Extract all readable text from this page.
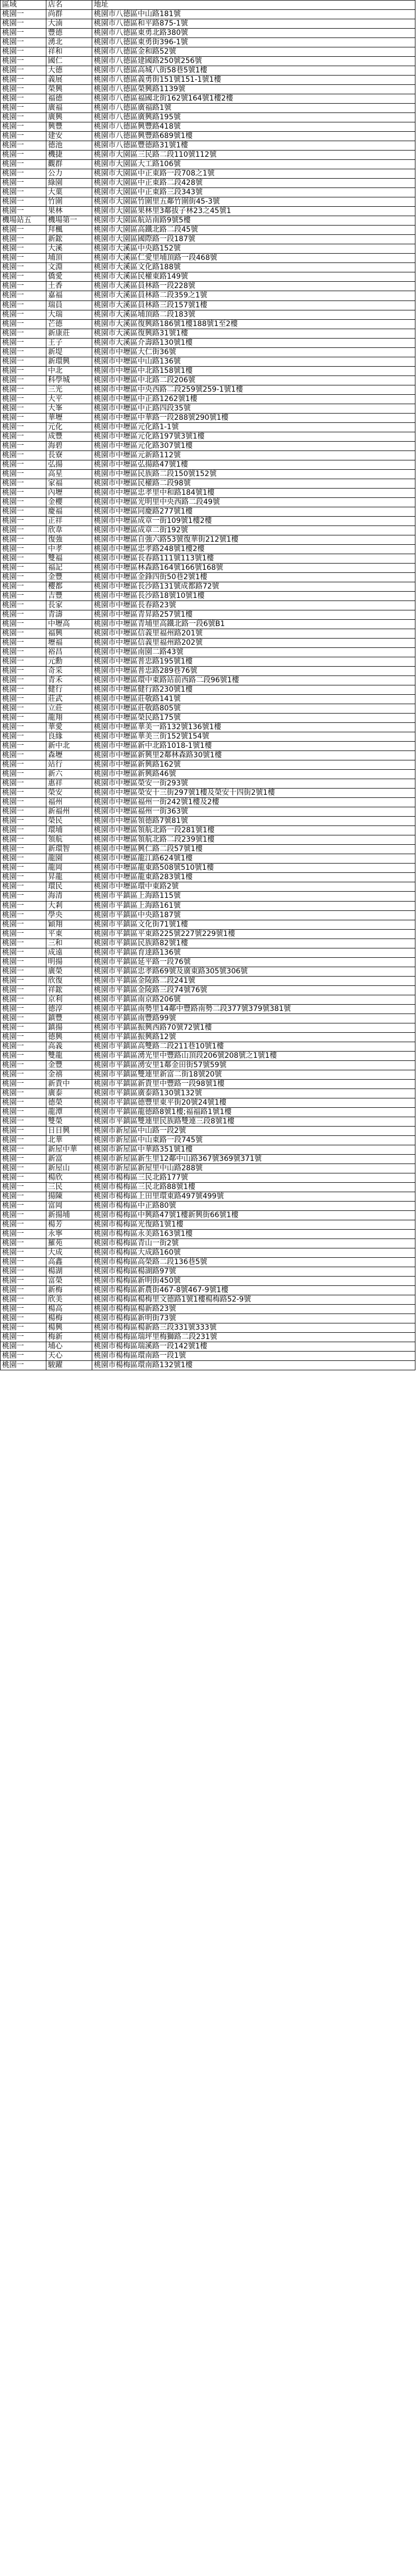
區域	店名	地址
桃園一	尚群	桃園市八德區中山路181號
桃園一	大湳	桃園市八德區和平路875-1號
桃園一	豐德	桃園市八德區東勇北路380號
桃園一	湧北	桃園市八德區東勇街396-1號
桃園一	祥和	桃園市八德區金和路52號
桃園一	國仁	桃園市八德區建國路250號256號
桃園一	大德	桃園市八德區高城八街58巷5號1樓
桃園一	義展	桃園市八德區義勇街151號151-1號1樓
桃園一	榮興	桃園市八德區榮興路1139號
桃園一	福德	桃園市八德區福國北街162號164號1樓2樓
桃園一	廣福	桃園市八德區廣福路1號
桃園一	廣興	桃園市八德區廣興路195號
桃園一	興豐	桃園市八德區興豐路418號
桃園一	建安	桃園市八德區興豐路689號1樓
桃園一	德池	桃園市八德區豐德路31號1樓
桃園一	機捷	桃園市大園區三民路二段110號112號
桃園一	觀群	桃園市大園區大工路106號
桃園一	公力	桃園市大園區中正東路一段708之1號
桃園一	綠園	桃園市大園區中正東路二段428號
桃園一	大菓	桃園市大園區中正東路三段343號
桃園一	竹圍	桃園市大園區竹圍里五鄰竹圍街45-3號
桃園一	果林	桃園市大園區果林里3鄰拔子林23之45號1
機場站五	機場第一	桃園市大園區航站南路9號5樓
桃園一	拜楓	桃園市大園區高鐵北路二段45號
桃園一	新鋐	桃園市大園區國際路一段187號
桃園一	大溪	桃園市大溪區中央路152號
桃園一	埔頂	桃園市大溪區仁愛里埔頂路一段468號
桃園一	文淵	桃園市大溪區文化路188號
桃園一	僑愛	桃園市大溪區民權東路149號
桃園一	土香	桃園市大溪區員林路一段228號
桃園一	嘉福	桃園市大溪區員林路二段359之1號
桃園一	瑞員	桃園市大溪區員林路三段157號1樓
桃園一	大瑞	桃園市大溪區埔頂路二段183號
桃園一	芒德	桃園市大溪區復興路186號1樓188號1至2樓
桃園一	新康莊	桃園市大溪區復興路31號1樓
桃園一	王子	桃園市大溪區介壽路130號1樓
桃園一	新堤	桃園市中壢區大仁街36號
桃園一	新環興	桃園市中壢區中山路136號
桃園一	中北	桃園市中壢區中北路158號1樓
桃園一	科學城	桃園市中壢區中北路二段206號
桃園一	三光	桃園市中壢區中央西路二段259號259-1號1樓
桃園一	大平	桃園市中壢區中正路1262號1樓
桃園一	大峯	桃園市中壢區中正路四段35號
桃園一	華壢	桃園市中壢區中華路一段288號290號1樓
桃園一	元化	桃園市中壢區元化路1-1號
桃園一	成豐	桃園市中壢區元化路197號3號1樓
桃園一	海碧	桃園市中壢區元化路307號1樓
桃園一	長寮	桃園市中壢區元新路112號
桃園一	弘揚	桃園市中壢區弘揚路47號1樓
桃園一	高星	桃園市中壢區民族路二段150號152號
桃園一	家福	桃園市中壢區民權路二段98號
桃園一	內壢	桃園市中壢區忠孝里中和路184號1樓
桃園一	金櫻	桃園市中壢區光明里中央西路二段49號
桃園一	慶福	桃園市中壢區同慶路277號1樓
桃園一	正祥	桃園市中壢區成章一街109號1樓2樓
桃園一	欣韋	桃園市中壢區成章二街192號
桃園一	復強	桃園市中壢區自強六路53號復華街212號1樓
桃園一	中孝	桃園市中壢區忠孝路248號1樓2樓
桃園一	雙福	桃園市中壢區長春路111號113號1樓
桃園一	福記	桃園市中壢區林森路164號166號168號
桃園一	金豐	桃園市中壢區金鋒四街50巷2號1樓
桃園一	櫻都	桃園市中壢區長沙路131號成都路72號
桃園一	吉豐	桃園市中壢區長沙路18號10號1樓
桃園一	長家	桃園市中壢區長春路23號
桃園一	青濤	桃園市中壢區青昇路257號1樓
桃園一	中壢高	桃園市中壢區青埔里高鐵北路一段6號B1
桃園一	福興	桃園市中壢區信義里福州路201號
桃園一	壢福	桃園市中壢區信義里福州路202號
桃園一	裕昌	桃園市中壢區南園二路43號
桃園一	元勳	桃園市中壢區普忠路195號1樓
桃園一	奇采	桃園市中壢區普忠路289巷76號
桃園一	青禾	桃園市中壢區環中東路站前西路二段96號1樓
桃園一	健行	桃園市中壢區健行路230號1樓
桃園一	莊武	桃園市中壢區莊敬路141號
桃園一	立莊	桃園市中壢區莊敬路805號
桃園一	龍翔	桃園市中壢區榮民路175號
桃園一	華愛	桃園市中壢區華美一路132號136號1樓
桃園一	良緣	桃園市中壢區華美三街152號154號
桃園一	新中北	桃園市中壢區新中北路1018-1號1樓
桃園一	森壢	桃園市中壢區新興里2鄰林森路30號1樓
桃園一	站行	桃園市中壢區新興路162號
桃園一	新六	桃園市中壢區新興路46號
桃園一	惠祥	桃園市中壢區榮安一街293號
桃園一	榮安	桃園市中壢區榮安十三街297號1樓及榮安十四街2號1樓
桃園一	福州	桃園市中壢區福州一街242號1樓及2樓
桃園一	新福州	桃園市中壢區福州一街363號
桃園一	榮民	桃園市中壢區領德路7號81號
桃園一	環埔	桃園市中壢區領航北路一段281號1樓
桃園一	領航	桃園市中壢區領航北路二段239號1樓
桃園一	新環智	桃園市中壢區興仁路二段57號1樓
桃園一	龍園	桃園市中壢區龍江路624號1樓
桃園一	龍岡	桃園市中壢區龍東路508號510號1樓
桃園一	昇龍	桃園市中壢區龍東路283號1樓
桃園一	環民	桃園市中壢區環中東路2號
桃園一	海清	桃園市平鎮區上海路115號
桃園一	大剎	桃園市平鎮區上海路161號
桃園一	學央	桃園市平鎮區中央路187號
桃園一	穎翔	桃園市平鎮區文化街71號1樓
桃園一	平東	桃園市平鎮區平東路225號227號229號1樓
桃園一	三和	桃園市平鎮區民族路82號1樓
桃園一	成遠	桃園市平鎮區育達路136號
桃園一	明揚	桃園市平鎮區延平路一段76號
桃園一	廣榮	桃園市平鎮區忠孝路69號及廣東路305號306號
桃園一	欣復	桃園市平鎮區金陵路二段241號
桃園一	祥鋐	桃園市平鎮區金陵路三段74號76號
桃園一	京利	桃園市平鎮區南京路206號
桃園一	德淳	桃園市平鎮區南勢里14鄰中豐路南勢二段377號379號381號
桃園一	鎮豐	桃園市平鎮區南豐路99號
桃園一	鎮揚	桃園市平鎮區振興西路70號72號1樓
桃園一	德興	桃園市平鎮區振興路12號
桃園一	高義	桃園市平鎮區高雙路二段211巷10號1樓
桃園一	雙龍	桃園市平鎮區湧光里中豐路山頂段206號208號之1號1樓
桃園一	金豐	桃園市平鎮區湧安里1鄰金田街57號59號
桃園一	金禧	桃園市平鎮區雙連里新富二街18號20號
桃園一	新貴中	桃園市平鎮區新貴里中豐路一段98號1樓
桃園一	廣泰	桃園市平鎮區廣泰路130號132號
桃園一	德榮	桃園市平鎮區德豐里東平街20號24號1樓
桃園一	龍潭	桃園市平鎮區龍德路8號1樓;福福路1號1樓
桃園一	雙榮	桃園市平鎮區雙連里民族路雙連三段8號1樓
桃園一	日日興	桃園市新屋區中山路一段2號
桃園一	北華	桃園市新屋區中山東路一段745號
桃園一	新屋中華	桃園市新屋區中華路351號1樓
桃園一	新富	桃園市新屋區新生里12鄰中山路367號369號371號
桃園一	新屋山	桃園市新屋區新屋里中山路288號
桃園一	楊欣	桃園市楊梅區三民北路177號
桃園一	三民	桃園市楊梅區三民北路88號1樓
桃園一	揚陳	桃園市楊梅區上田里環東路497號499號
桃園一	富岡	桃園市楊梅區中正路80號
桃園一	新揚埔	桃園市楊梅區中興路47號1樓新興街66號1樓
桃園一	楊芳	桃園市楊梅區光復路1號1樓
桃園一	永寧	桃園市楊梅區永美路163號1樓
桃園一	羅苑	桃園市楊梅區青山一街2號
桃園一	大成	桃園市楊梅區大成路160號
桃園一	高鑫	桃園市楊梅區高榮路二段136巷5號
桃園一	楊湖	桃園市楊梅區楊湖路97號
桃園一	富榮	桃園市楊梅區新明街450號
桃園一	新梅	桃園市楊梅區新農街467-8號467-9號1樓
桃園一	欣美	桃園市楊梅區楊梅里文德路1號1樓楊梅路52-9號
桃園一	楊高	桃園市楊梅區楊新路23號
桃園一	楊梅	桃園市楊梅區新明街73號
桃園一	楊興	桃園市楊梅區楊新路三段331號333號
桃園一	梅新	桃園市楊梅區瑞坪里梅獅路二段231號
桃園一	埔心	桃園市楊梅區瑞溪路一段142號1樓
桃園一	天心	桃園市楊梅區環南路一段1號
桃園一	駿躍	桃園市楊梅區環南路132號1樓
